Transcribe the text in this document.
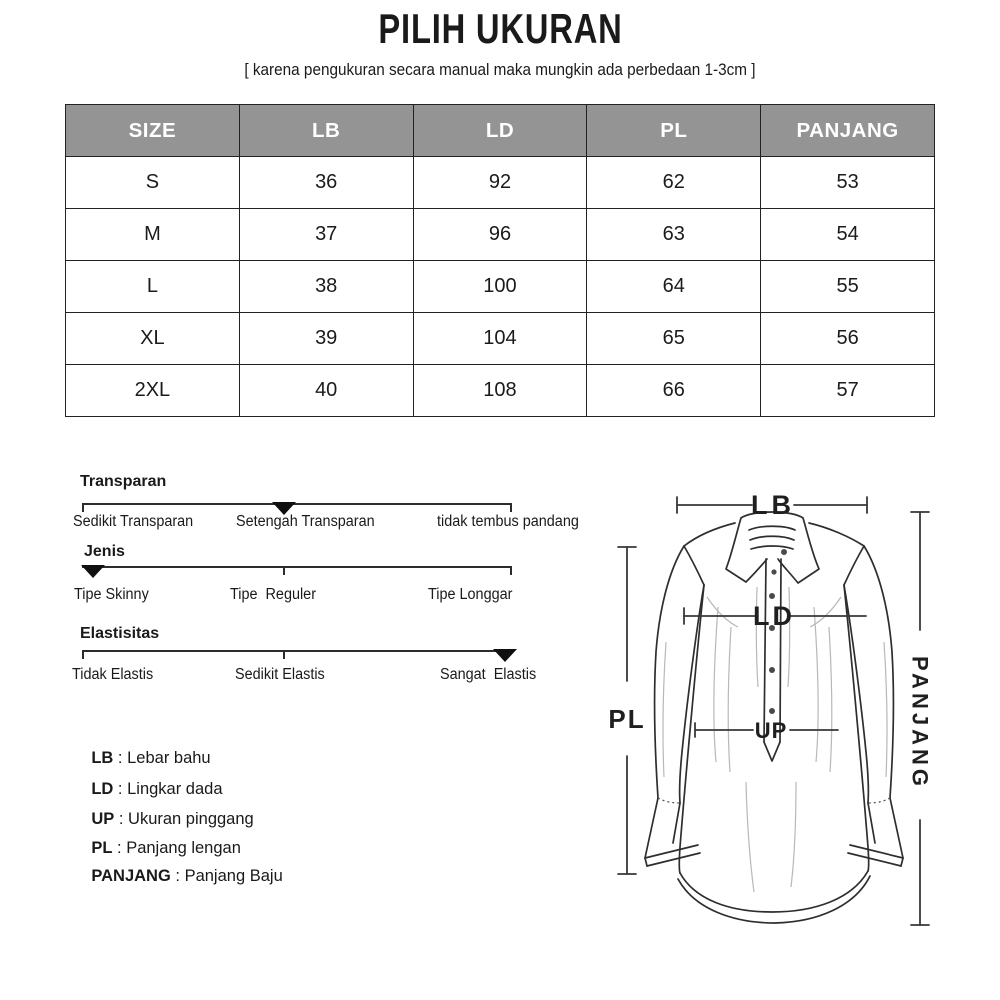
PILIH UKURAN
[ karena pengukuran secara manual maka mungkin ada perbedaan 1-3cm ]
SIZE	LB	LD	PL	PANJANG
S	36	92	62	53
M	37	96	63	54
L	38	100	64	55
XL	39	104	65	56
2XL	40	108	66	57
Transparan
Sedikit Transparan	Setengah Transparan	tidak tembus pandang
Jenis
Tipe Skinny	Tipe  Reguler	Tipe Longgar
Elastisitas
Tidak Elastis	Sedikit Elastis	Sangat  Elastis

LB : Lebar bahu

LD : Lingkar dada

UP : Ukuran pinggang

PL : Panjang lengan

PANJANG : Panjang Baju

LB
LD
UP
PL	PANJANG
